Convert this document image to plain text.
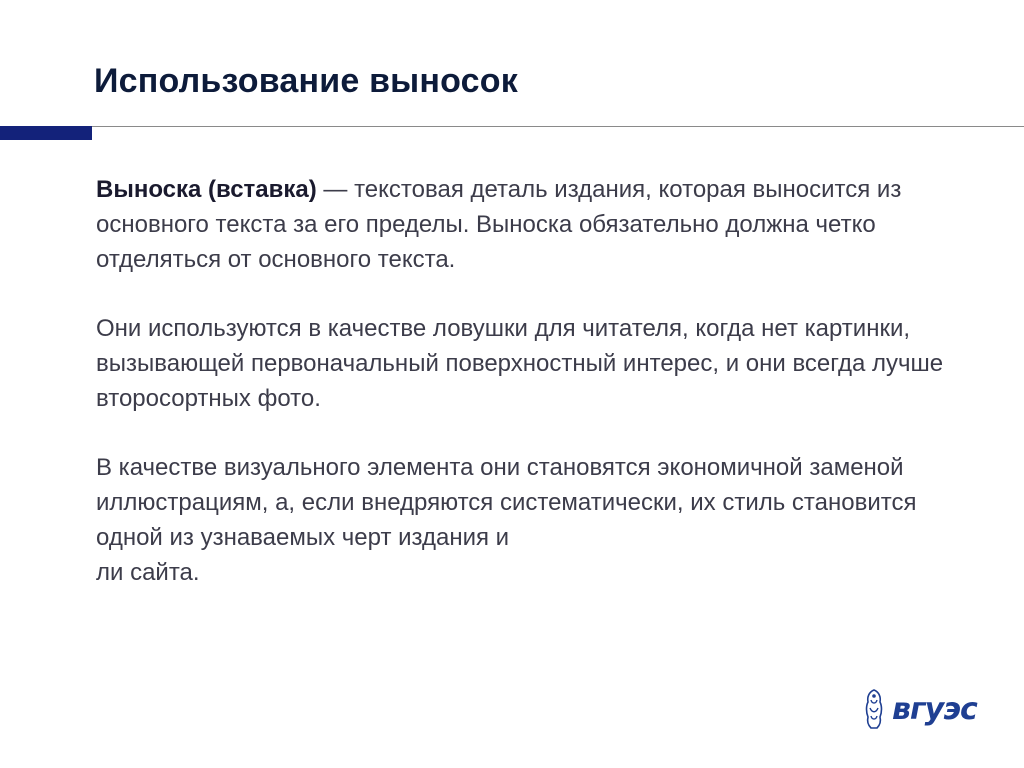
Использование выносок

Выноска (вставка) — текстовая деталь издания, которая выносится из основного текста за его пределы. Выноска обязательно должна четко отделяться от основного текста.

Они используются в качестве ловушки для читателя, когда нет картинки, вызывающей первоначальный поверхностный интерес, и они всегда лучше второсортных фото.

В качестве визуального элемента они становятся экономичной заменой иллюстрациям, а, если внедряются систематически, их стиль становится одной из узнаваемых черт издания и
ли сайта.

вгуэс
